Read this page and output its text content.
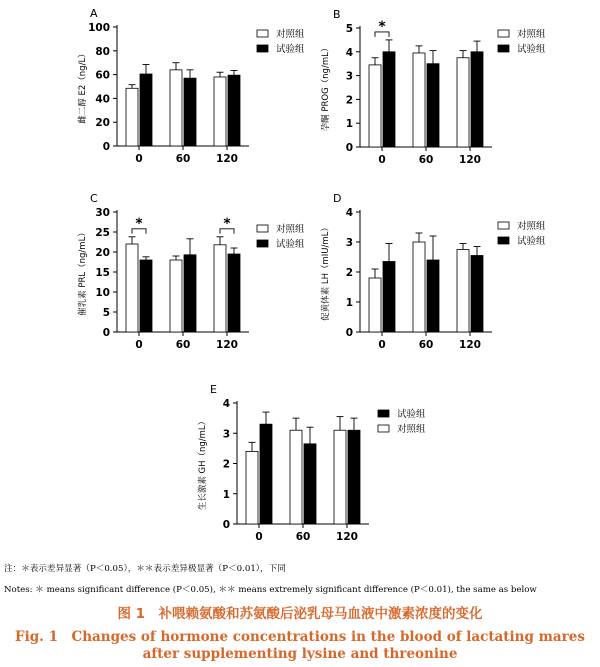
A
雌二醇 E2（ng/L）
0
20
40
60
80
100
0	60 120
对照组
试验组
B
孕酮 PROG（ng/mL）
0
1
2
3
4
5
0	60 120
*	对照组
试验组
C
催乳素 PRL（ng/mL）
0
5
10
15
20
25
30
0	60 120
*	*	对照组
试验组
D
促黄体素 LH（mIU/mL）
0
1
2
3
4
0	60 120
对照组
试验组
E
生长激素 GH（ng/mL）
0
1
2
3
4
0	60 120
试验组
对照组
注：＊表示差异显著（P＜0.05），＊＊表示差异极显著（P＜0.01），下同
Notes: ＊ means significant difference (P＜0.05), ＊＊ means extremely significant difference (P＜0.01), the same as below
图 1　补喂赖氨酸和苏氨酸后泌乳母马血液中激素浓度的变化
Fig. 1　Changes of hormone concentrations in the blood of lactating mares
after supplementing lysine and threonine
